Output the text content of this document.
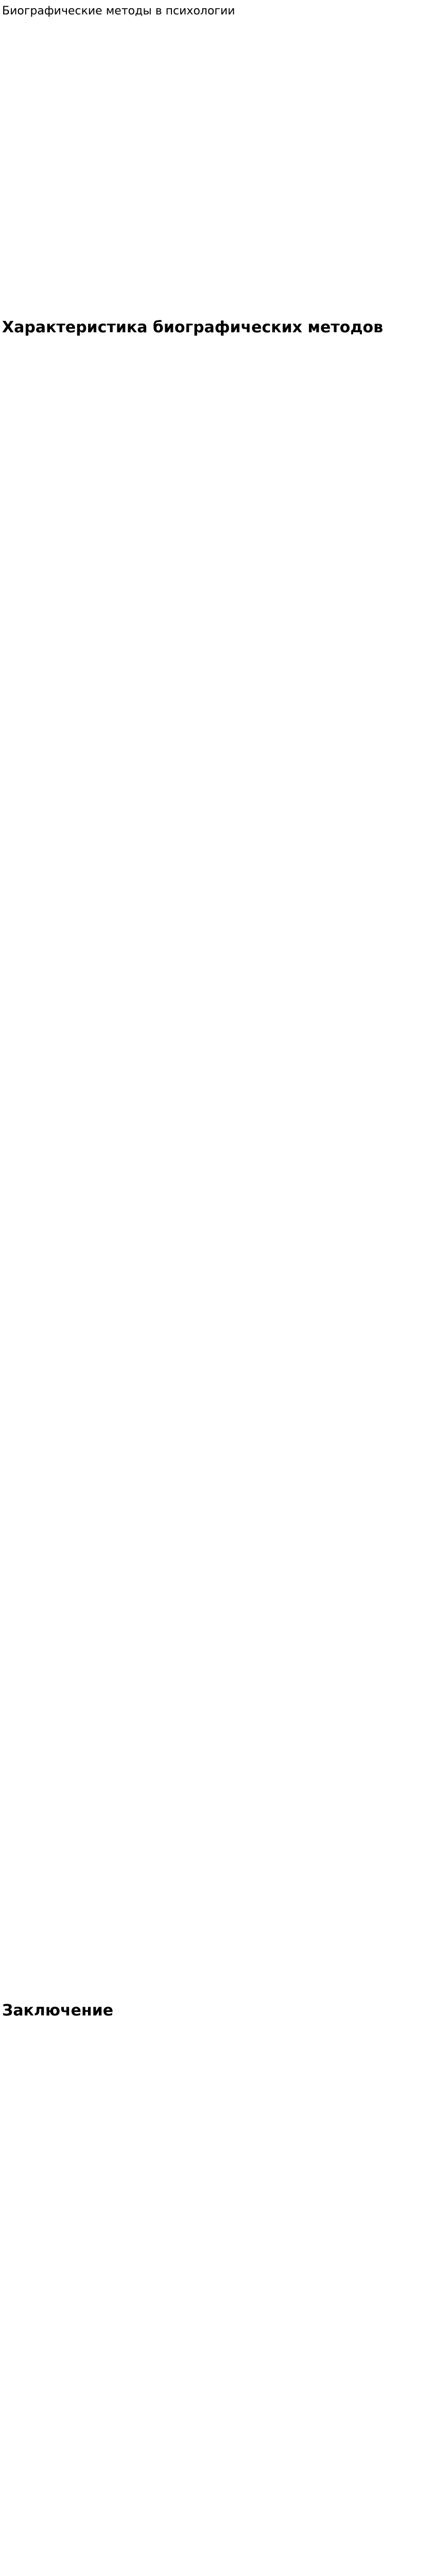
Биографические методы в психологии

Характеристика биографических методов

Заключение
